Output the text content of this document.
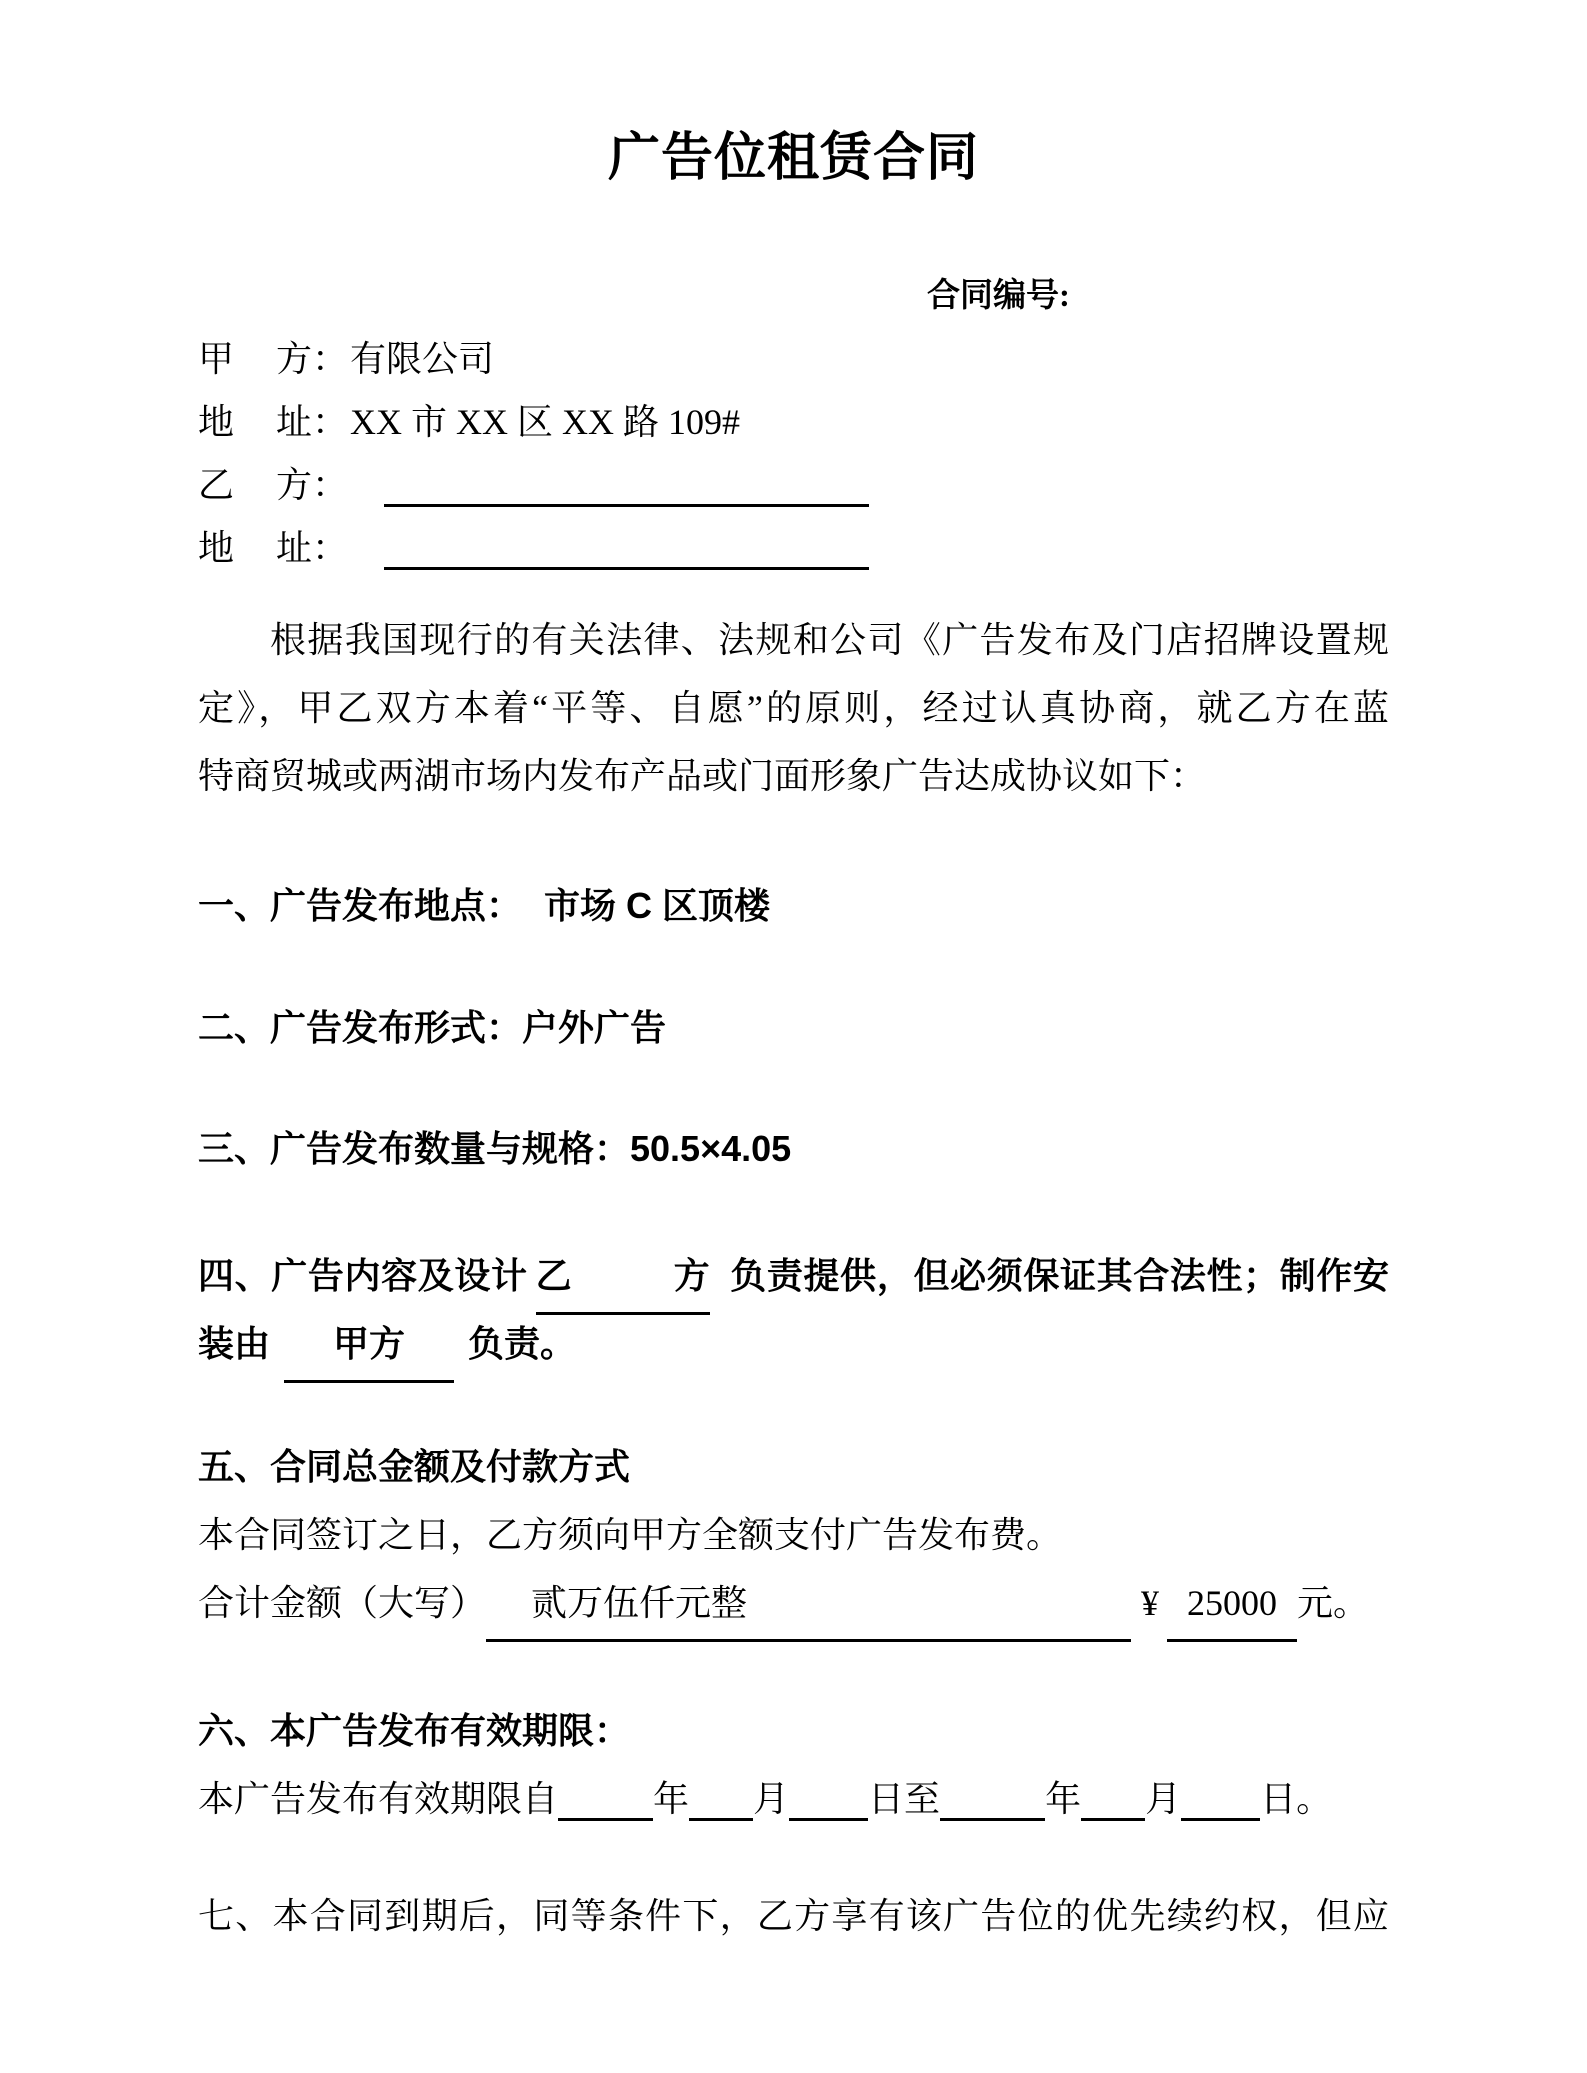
广告位租赁合同
合同编号:
甲 方： 有限公司
地 址： XX 市 XX 区 XX 路 109#
乙 方：
地 址：
根据我国现行的有关法律、法规和公司《广告发布及门店招牌设置规
定》，甲乙双方本着“平等、自愿”的原则，经过认真协商，就乙方在蓝
特商贸城或两湖市场内发布产品或门面形象广告达成协议如下：
一、广告发布地点： 市场 C 区顶楼
二、广告发布形式：户外广告
三、广告发布数量与规格：50.5×4.05
四、广告内容及设计 乙方 负责提供，但必须保证其合法性；制作安
装由 甲方 负责。
五、合同总金额及付款方式
本合同签订之日，乙方须向甲方全额支付广告发布费。
合计金额（大写） 贰万伍仟元整	¥ 25000 元。
六、本广告发布有效期限：
本广告发布有效期限自	年 月 日至	年 月 日。
七、本合同到期后，同等条件下，乙方享有该广告位的优先续约权，但应
